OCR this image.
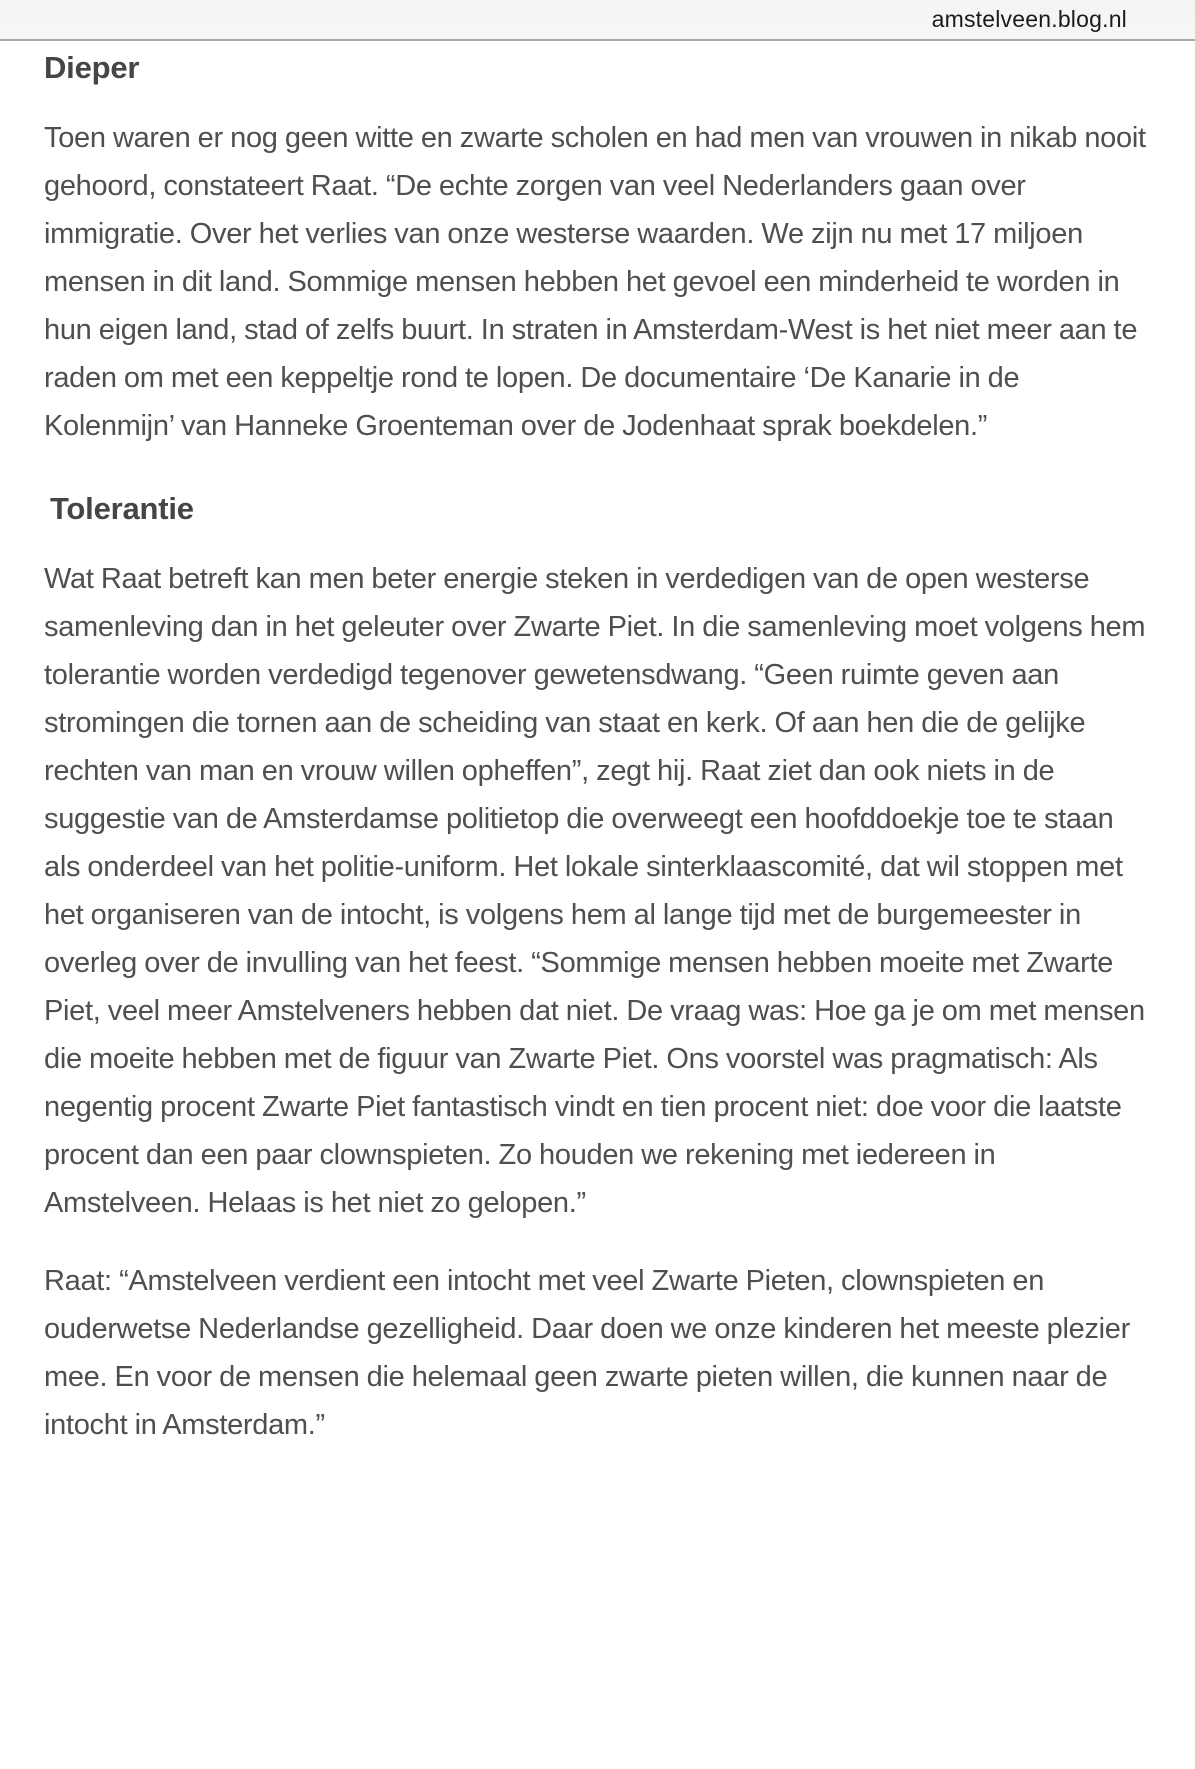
amstelveen.blog.nl
Dieper

Toen waren er nog geen witte en zwarte scholen en had men van vrouwen in nikab nooit gehoord, constateert Raat. “De echte zorgen van veel Nederlanders gaan over immigratie. Over het verlies van onze westerse waarden. We zijn nu met 17 miljoen mensen in dit land. Sommige mensen hebben het gevoel een minderheid te worden in hun eigen land, stad of zelfs buurt. In straten in Amsterdam-West is het niet meer aan te raden om met een keppeltje rond te lopen. De documentaire ‘De Kanarie in de Kolenmijn’ van Hanneke Groenteman over de Jodenhaat sprak boekdelen.”

Tolerantie

Wat Raat betreft kan men beter energie steken in verdedigen van de open westerse samenleving dan in het geleuter over Zwarte Piet. In die samenleving moet volgens hem tolerantie worden verdedigd tegenover gewetensdwang. “Geen ruimte geven aan stromingen die tornen aan de scheiding van staat en kerk. Of aan hen die de gelijke rechten van man en vrouw willen opheffen”, zegt hij. Raat ziet dan ook niets in de suggestie van de Amsterdamse politietop die overweegt een hoofddoekje toe te staan als onderdeel van het politie-uniform. Het lokale sinterklaascomité, dat wil stoppen met het organiseren van de intocht, is volgens hem al lange tijd met de burgemeester in overleg over de invulling van het feest. “Sommige mensen hebben moeite met Zwarte Piet, veel meer Amstelveners hebben dat niet. De vraag was: Hoe ga je om met mensen die moeite hebben met de figuur van Zwarte Piet. Ons voorstel was pragmatisch: Als negentig procent Zwarte Piet fantastisch vindt en tien procent niet: doe voor die laatste procent dan een paar clownspieten. Zo houden we rekening met iedereen in Amstelveen. Helaas is het niet zo gelopen.”

Raat: “Amstelveen verdient een intocht met veel Zwarte Pieten, clownspieten en ouderwetse Nederlandse gezelligheid. Daar doen we onze kinderen het meeste plezier mee. En voor de mensen die helemaal geen zwarte pieten willen, die kunnen naar de intocht in Amsterdam.”
